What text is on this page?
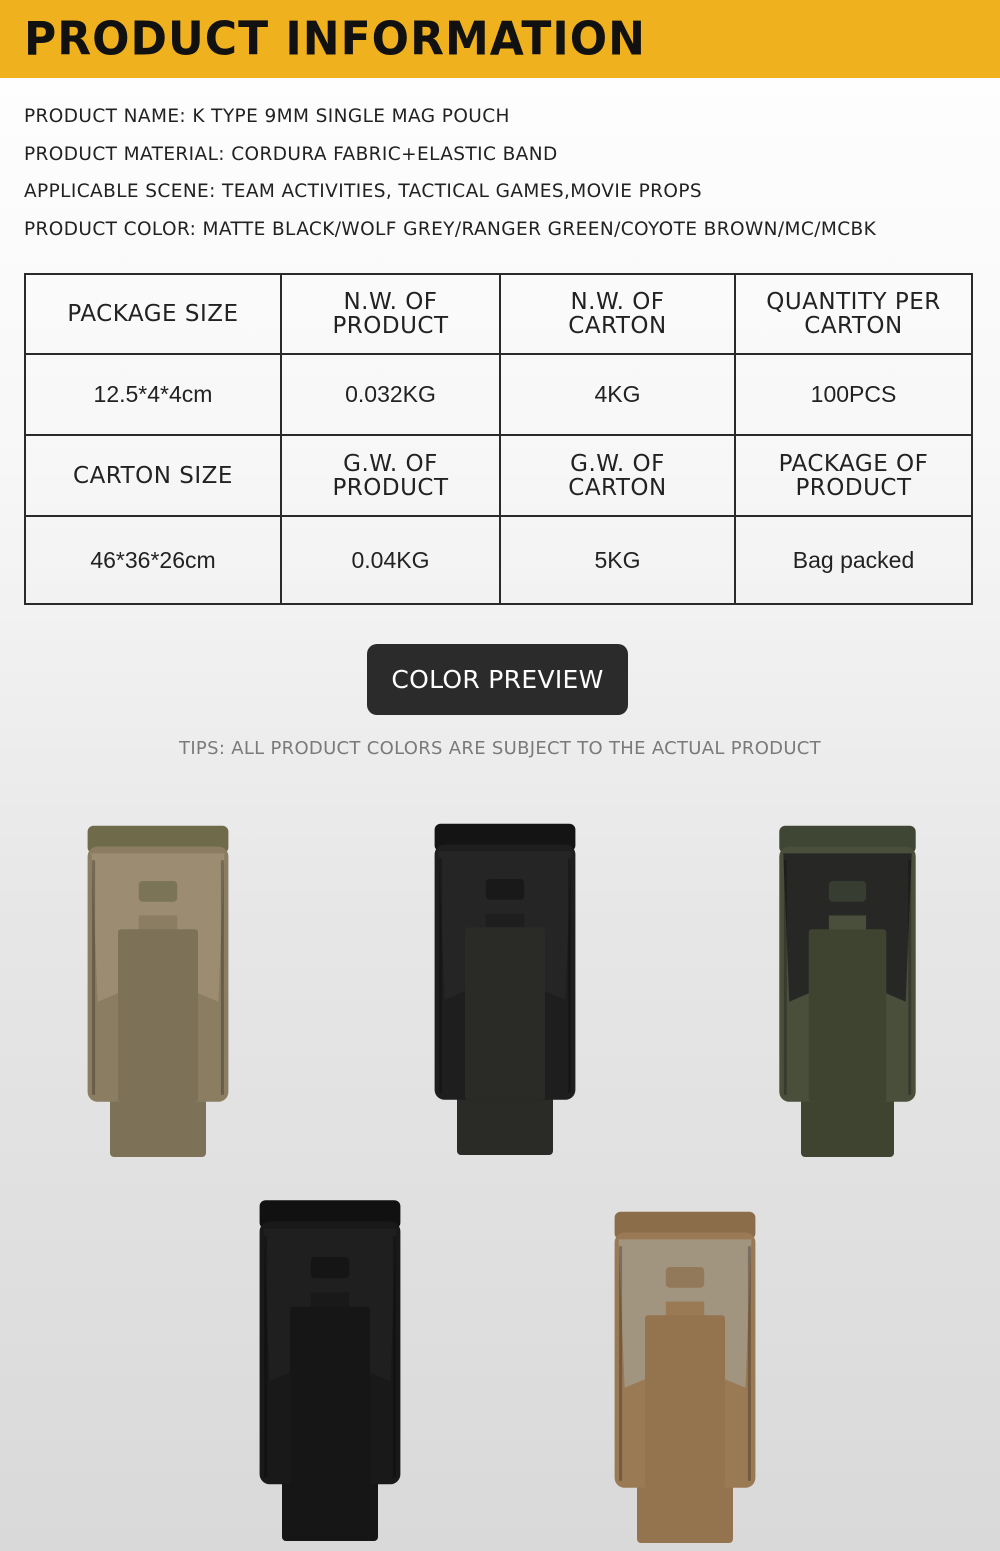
PRODUCT INFORMATION
PRODUCT NAME: K TYPE 9MM SINGLE MAG POUCH
PRODUCT MATERIAL: CORDURA FABRIC+ELASTIC BAND
APPLICABLE SCENE: TEAM ACTIVITIES, TACTICAL GAMES,MOVIE PROPS
PRODUCT COLOR: MATTE BLACK/WOLF GREY/RANGER GREEN/COYOTE BROWN/MC/MCBK
PACKAGE SIZE	N.W. OF PRODUCT	N.W. OF CARTON	QUANTITY PER CARTON
12.5*4*4cm	0.032KG	4KG	100PCS
CARTON SIZE	G.W. OF PRODUCT	G.W. OF CARTON	PACKAGE OF PRODUCT
46*36*26cm	0.04KG	5KG	Bag packed
COLOR PREVIEW
TIPS: ALL PRODUCT COLORS ARE SUBJECT TO THE ACTUAL PRODUCT
